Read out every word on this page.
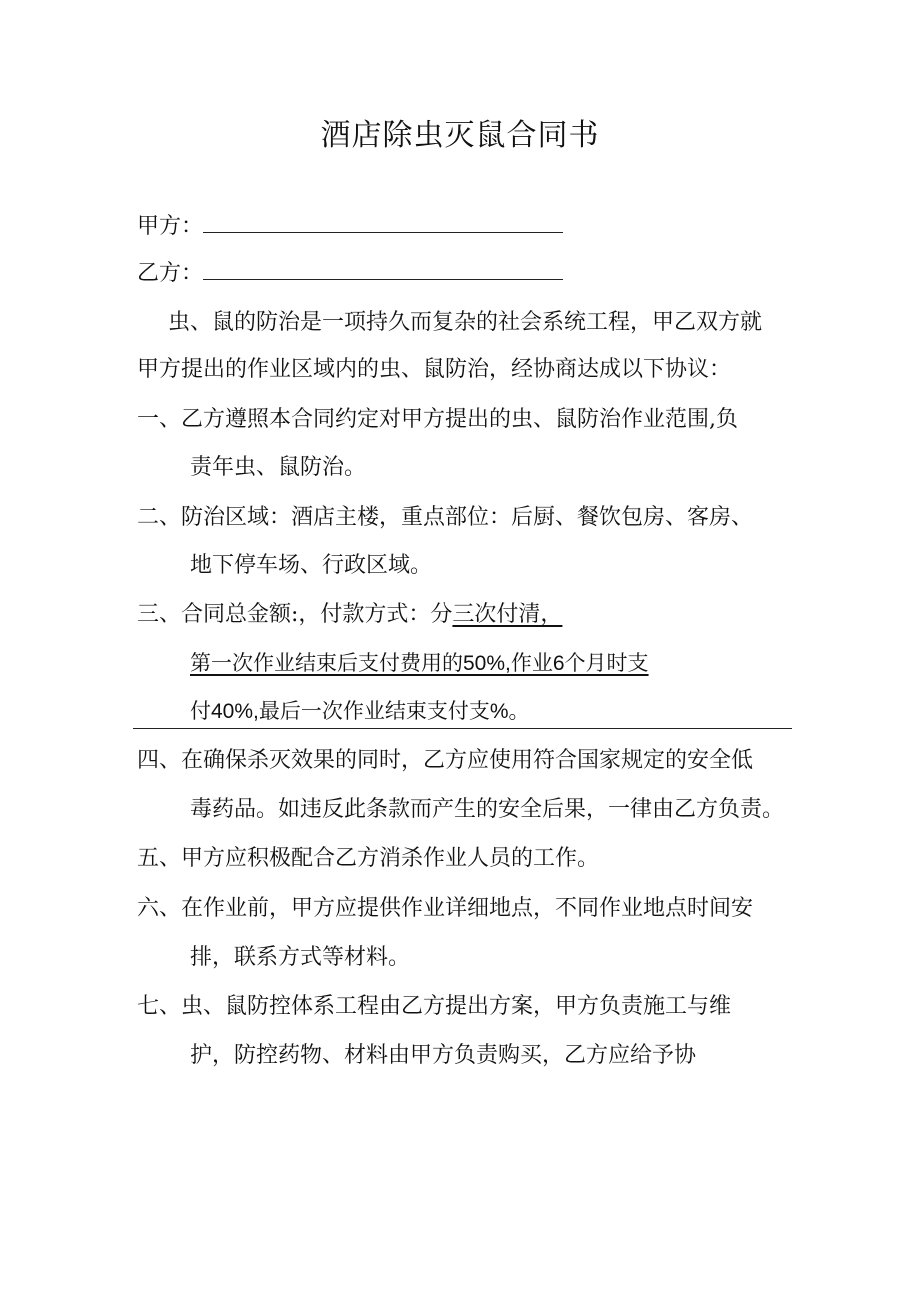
酒店除虫灭鼠合同书
甲方：
乙方：
虫、鼠的防治是一项持久而复杂的社会系统工程，甲乙双方就
甲方提出的作业区域内的虫、鼠防治，经协商达成以下协议：
一、乙方遵照本合同约定对甲方提出的虫、鼠防治作业范围,负
责年虫、鼠防治。
二、防治区域：酒店主楼，重点部位：后厨、餐饮包房、客房、
地下停车场、行政区域。
三、合同总金额:，付款方式：分三次付清，
第一次作业结束后支付费用的50%,作业6个月时支
付40%,最后一次作业结束支付支%。
四、在确保杀灭效果的同时，乙方应使用符合国家规定的安全低
毒药品。如违反此条款而产生的安全后果，一律由乙方负责。
五、甲方应积极配合乙方消杀作业人员的工作。
六、在作业前，甲方应提供作业详细地点，不同作业地点时间安
排，联系方式等材料。
七、虫、鼠防控体系工程由乙方提出方案，甲方负责施工与维
护，防控药物、材料由甲方负责购买，乙方应给予协
